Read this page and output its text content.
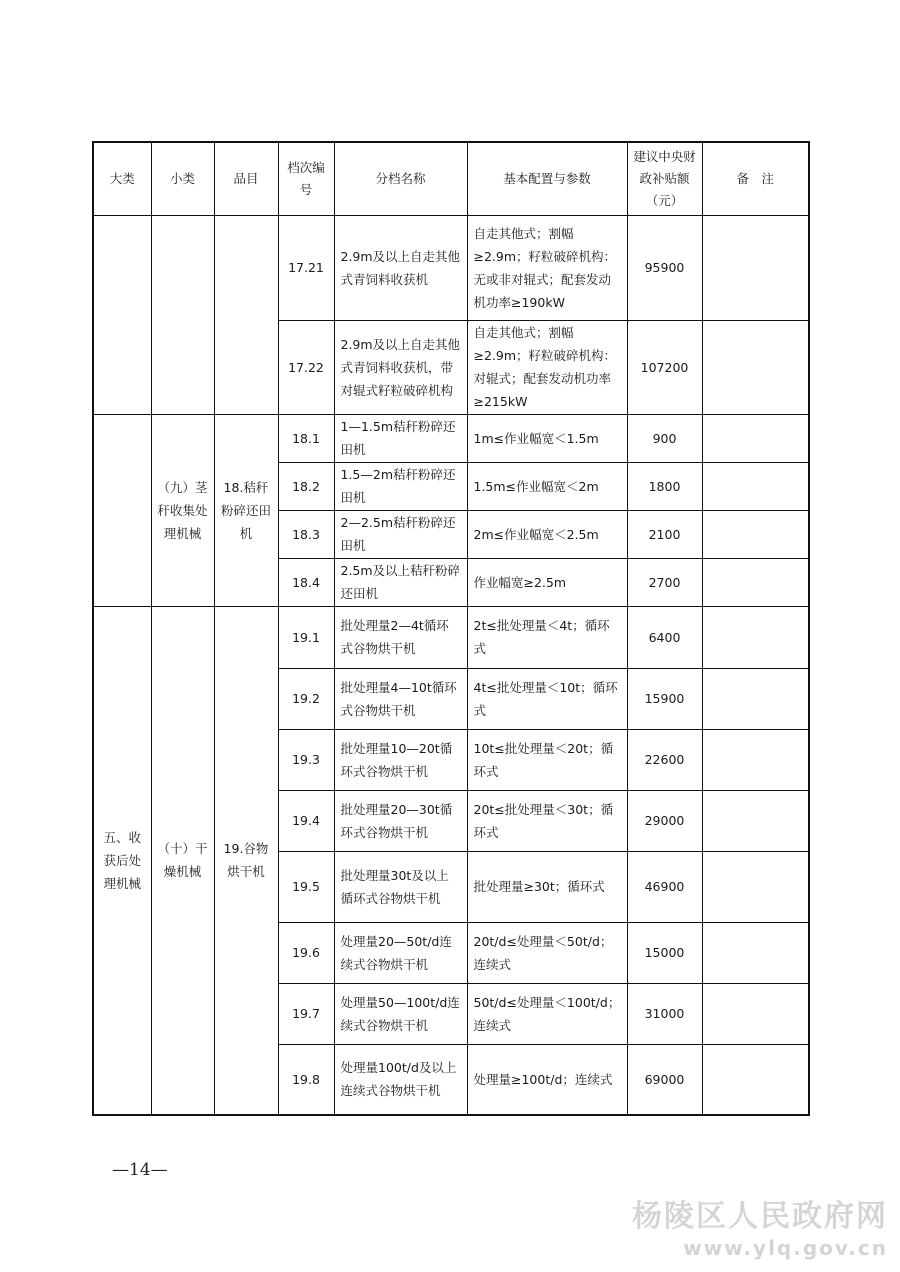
大类	小类	品目	档次编号	分档名称	基本配置与参数	建议中央财政补贴额（元）	备　注
			17.21	2.9m及以上自走其他式青饲料收获机	自走其他式；割幅≥2.9m；籽粒破碎机构：无或非对辊式；配套发动机功率≥190kW	95900	
			17.22	2.9m及以上自走其他式青饲料收获机，带对辊式籽粒破碎机构	自走其他式；割幅≥2.9m；籽粒破碎机构：对辊式；配套发动机功率≥215kW	107200	
	（九）茎秆收集处理机械	18.秸秆粉碎还田机	18.1	1—1.5m秸秆粉碎还田机	1m≤作业幅宽＜1.5m	900	
			18.2	1.5—2m秸秆粉碎还田机	1.5m≤作业幅宽＜2m	1800	
			18.3	2—2.5m秸秆粉碎还田机	2m≤作业幅宽＜2.5m	2100	
			18.4	2.5m及以上秸秆粉碎还田机	作业幅宽≥2.5m	2700	
五、收获后处理机械	（十）干燥机械	19.谷物烘干机	19.1	批处理量2—4t循环式谷物烘干机	2t≤批处理量＜4t；循环式	6400	
			19.2	批处理量4—10t循环式谷物烘干机	4t≤批处理量＜10t；循环式	15900	
			19.3	批处理量10—20t循环式谷物烘干机	10t≤批处理量＜20t；循环式	22600	
			19.4	批处理量20—30t循环式谷物烘干机	20t≤批处理量＜30t；循环式	29000	
			19.5	批处理量30t及以上循环式谷物烘干机	批处理量≥30t；循环式	46900	
			19.6	处理量20—50t/d连续式谷物烘干机	20t/d≤处理量＜50t/d；连续式	15000	
			19.7	处理量50—100t/d连续式谷物烘干机	50t/d≤处理量＜100t/d；连续式	31000	
			19.8	处理量100t/d及以上连续式谷物烘干机	处理量≥100t/d；连续式	69000	
—14—
杨陵区人民政府网
www.ylq.gov.cn
